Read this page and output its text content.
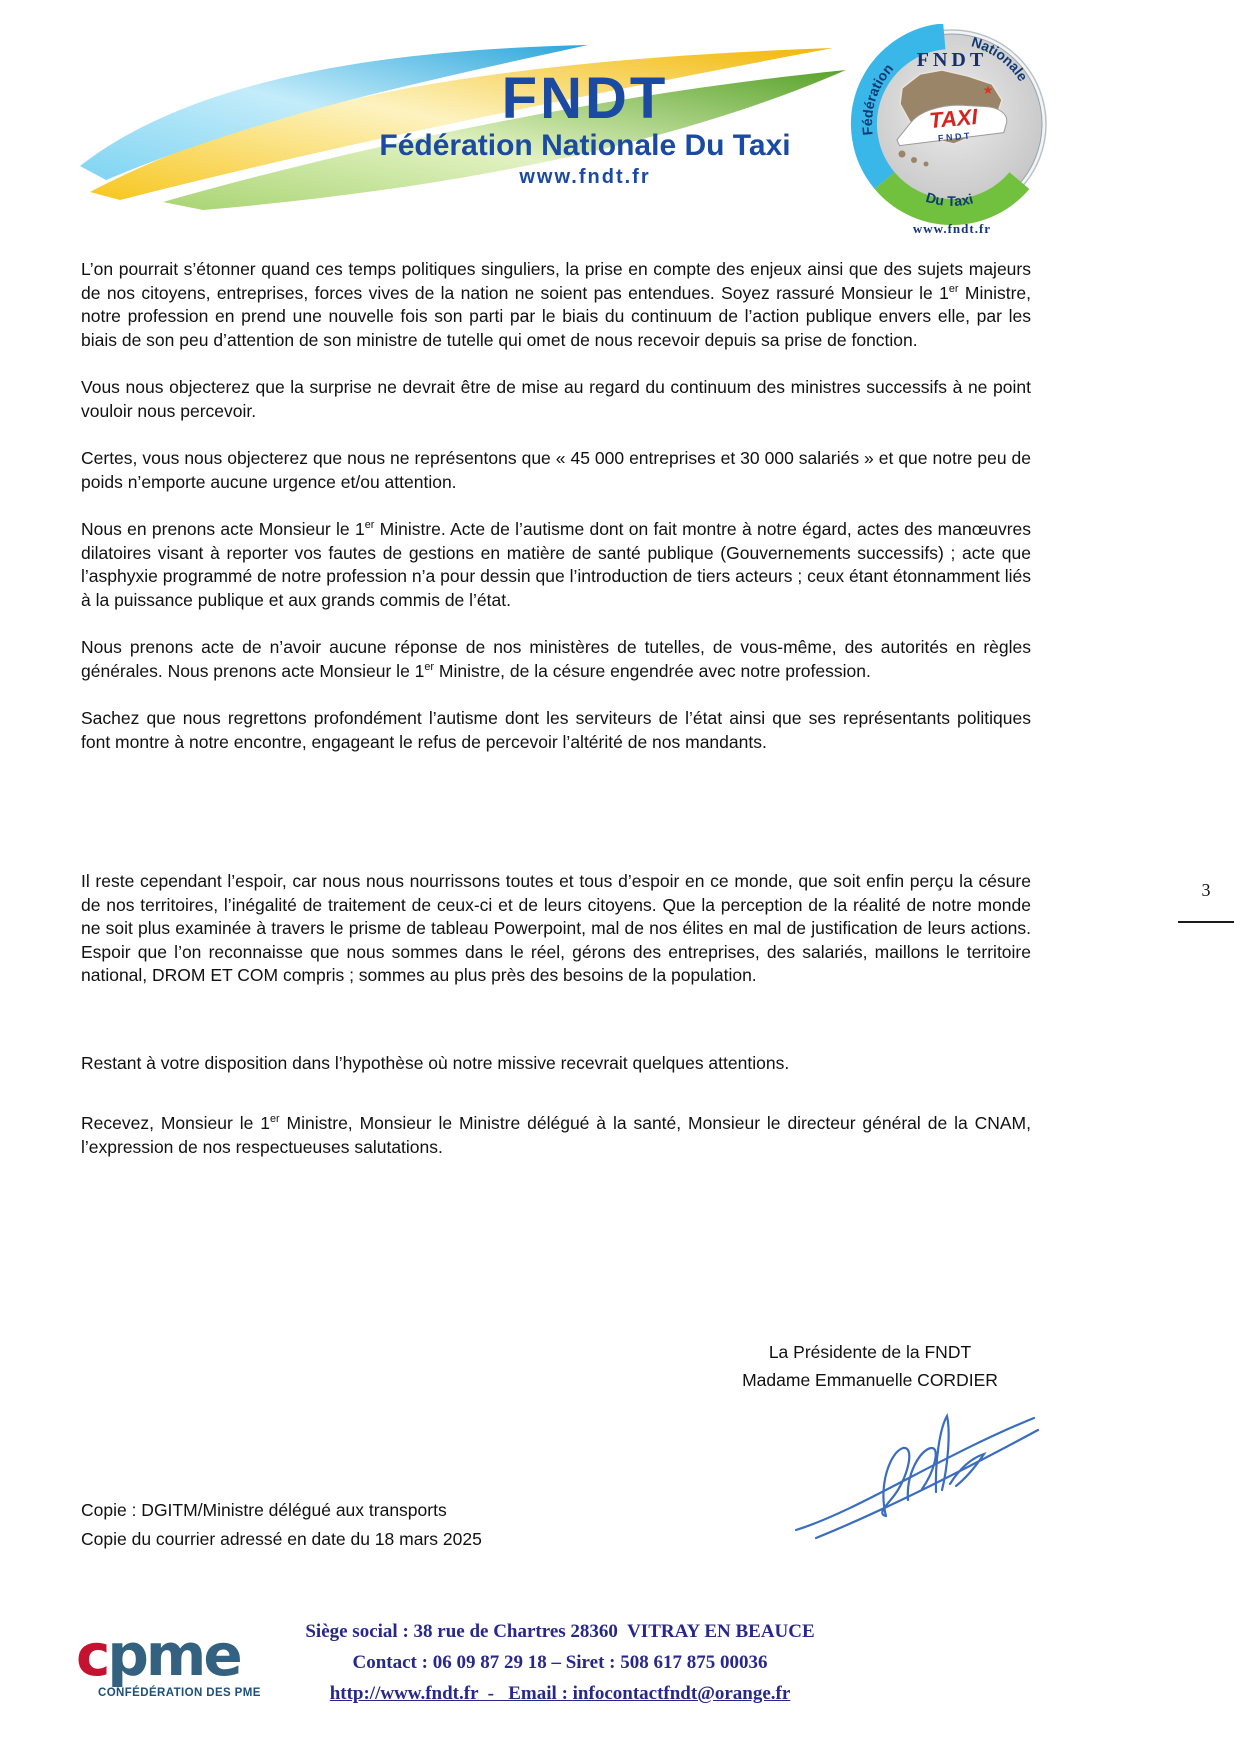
FNDT
Fédération Nationale Du Taxi
www.fndt.fr
Fédération
Nationale
Du Taxi
FNDT
★
TAXI
F N D T
www.fndt.fr

L’on pourrait s’étonner quand ces temps politiques singuliers, la prise en compte des enjeux ainsi que des sujets majeurs de nos citoyens, entreprises, forces vives de la nation ne soient pas entendues. Soyez rassuré Monsieur le 1er Ministre, notre profession en prend une nouvelle fois son parti par le biais du continuum de l’action publique envers elle, par les biais de son peu d’attention de son ministre de tutelle qui omet de nous recevoir depuis sa prise de fonction.

Vous nous objecterez que la surprise ne devrait être de mise au regard du continuum des ministres successifs à ne point vouloir nous percevoir.

Certes, vous nous objecterez que nous ne représentons que « 45 000 entreprises et 30 000 salariés » et que notre peu de poids n’emporte aucune urgence et/ou attention.

Nous en prenons acte Monsieur le 1er Ministre. Acte de l’autisme dont on fait montre à notre égard, actes des manœuvres dilatoires visant à reporter vos fautes de gestions en matière de santé publique (Gouvernements successifs) ; acte que l’asphyxie programmé de notre profession n’a pour dessin que l’introduction de tiers acteurs ; ceux étant étonnamment liés à la puissance publique et aux grands commis de l’état.

Nous prenons acte de n’avoir aucune réponse de nos ministères de tutelles, de vous-même, des autorités en règles générales. Nous prenons acte Monsieur le 1er Ministre, de la césure engendrée avec notre profession.

Sachez que nous regrettons profondément l’autisme dont les serviteurs de l’état ainsi que ses représentants politiques font montre à notre encontre, engageant le refus de percevoir l’altérité de nos mandants.

Il reste cependant l’espoir, car nous nous nourrissons toutes et tous d’espoir en ce monde, que soit enfin perçu la césure de nos territoires, l’inégalité de traitement de ceux-ci et de leurs citoyens. Que la perception de la réalité de notre monde ne soit plus examinée à travers le prisme de tableau Powerpoint, mal de nos élites en mal de justification de leurs actions. Espoir que l’on reconnaisse que nous sommes dans le réel, gérons des entreprises, des salariés, maillons le territoire national, DROM ET COM compris ; sommes au plus près des besoins de la population.

Restant à votre disposition dans l’hypothèse où notre missive recevrait quelques attentions.

Recevez, Monsieur le 1er Ministre, Monsieur le Ministre délégué à la santé, Monsieur le directeur général de la CNAM, l’expression de nos respectueuses salutations.

3
La Présidente de la FNDT
Madame Emmanuelle CORDIER
Copie : DGITM/Ministre délégué aux transports
Copie du courrier adressé en date du 18 mars 2025
cpme
CONFÉDÉRATION DES PME
Siège social : 38 rue de Chartres 28360  VITRAY EN BEAUCE
Contact : 06 09 87 29 18 – Siret : 508 617 875 00036
http://www.fndt.fr  -   Email : infocontactfndt@orange.fr
